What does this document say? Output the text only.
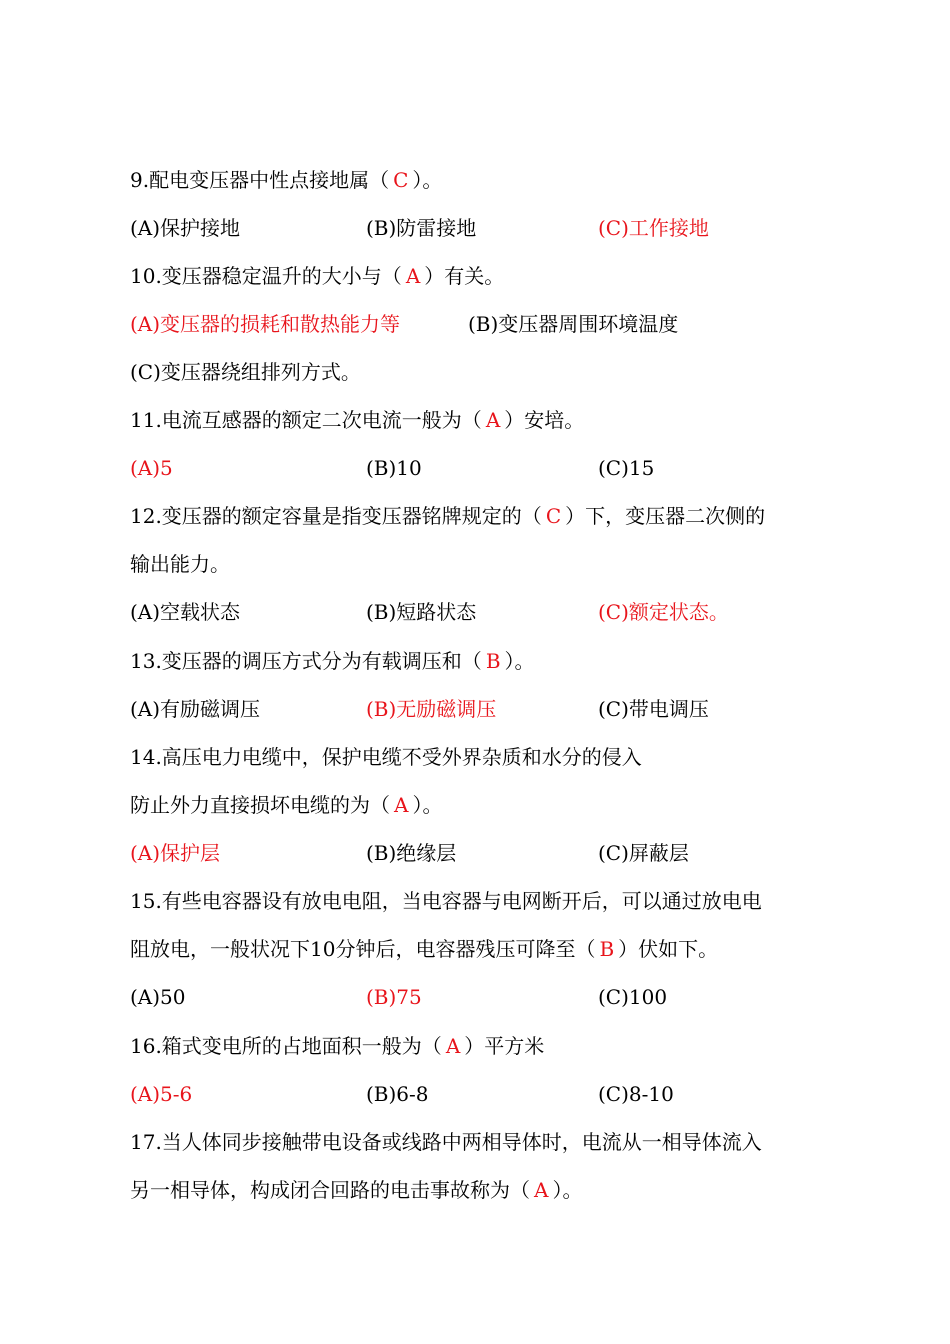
9.配电变压器中性点接地属（ C ）。
(A)保护接地	(B)防雷接地	(C)工作接地
10.变压器稳定温升的大小与（ A ）有关。
(A)变压器的损耗和散热能力等	(B)变压器周围环境温度
(C)变压器绕组排列方式。
11.电流互感器的额定二次电流一般为（ A ）安培。
(A)5	(B)10	(C)15
12.变压器的额定容量是指变压器铭牌规定的（ C ）下，变压器二次侧的
输出能力。
(A)空载状态	(B)短路状态	(C)额定状态。
13.变压器的调压方式分为有载调压和（ B ）。
(A)有励磁调压	(B)无励磁调压	(C)带电调压
14.高压电力电缆中，保护电缆不受外界杂质和水分的侵入
防止外力直接损坏电缆的为（ A ）。
(A)保护层	(B)绝缘层	(C)屏蔽层
15.有些电容器设有放电电阻，当电容器与电网断开后，可以通过放电电
阻放电，一般状况下10分钟后，电容器残压可降至（ B ）伏如下。
(A)50	(B)75	(C)100
16.箱式变电所的占地面积一般为（ A ）平方米
(A)5-6	(B)6-8	(C)8-10
17.当人体同步接触带电设备或线路中两相导体时，电流从一相导体流入
另一相导体，构成闭合回路的电击事故称为（ A ）。
